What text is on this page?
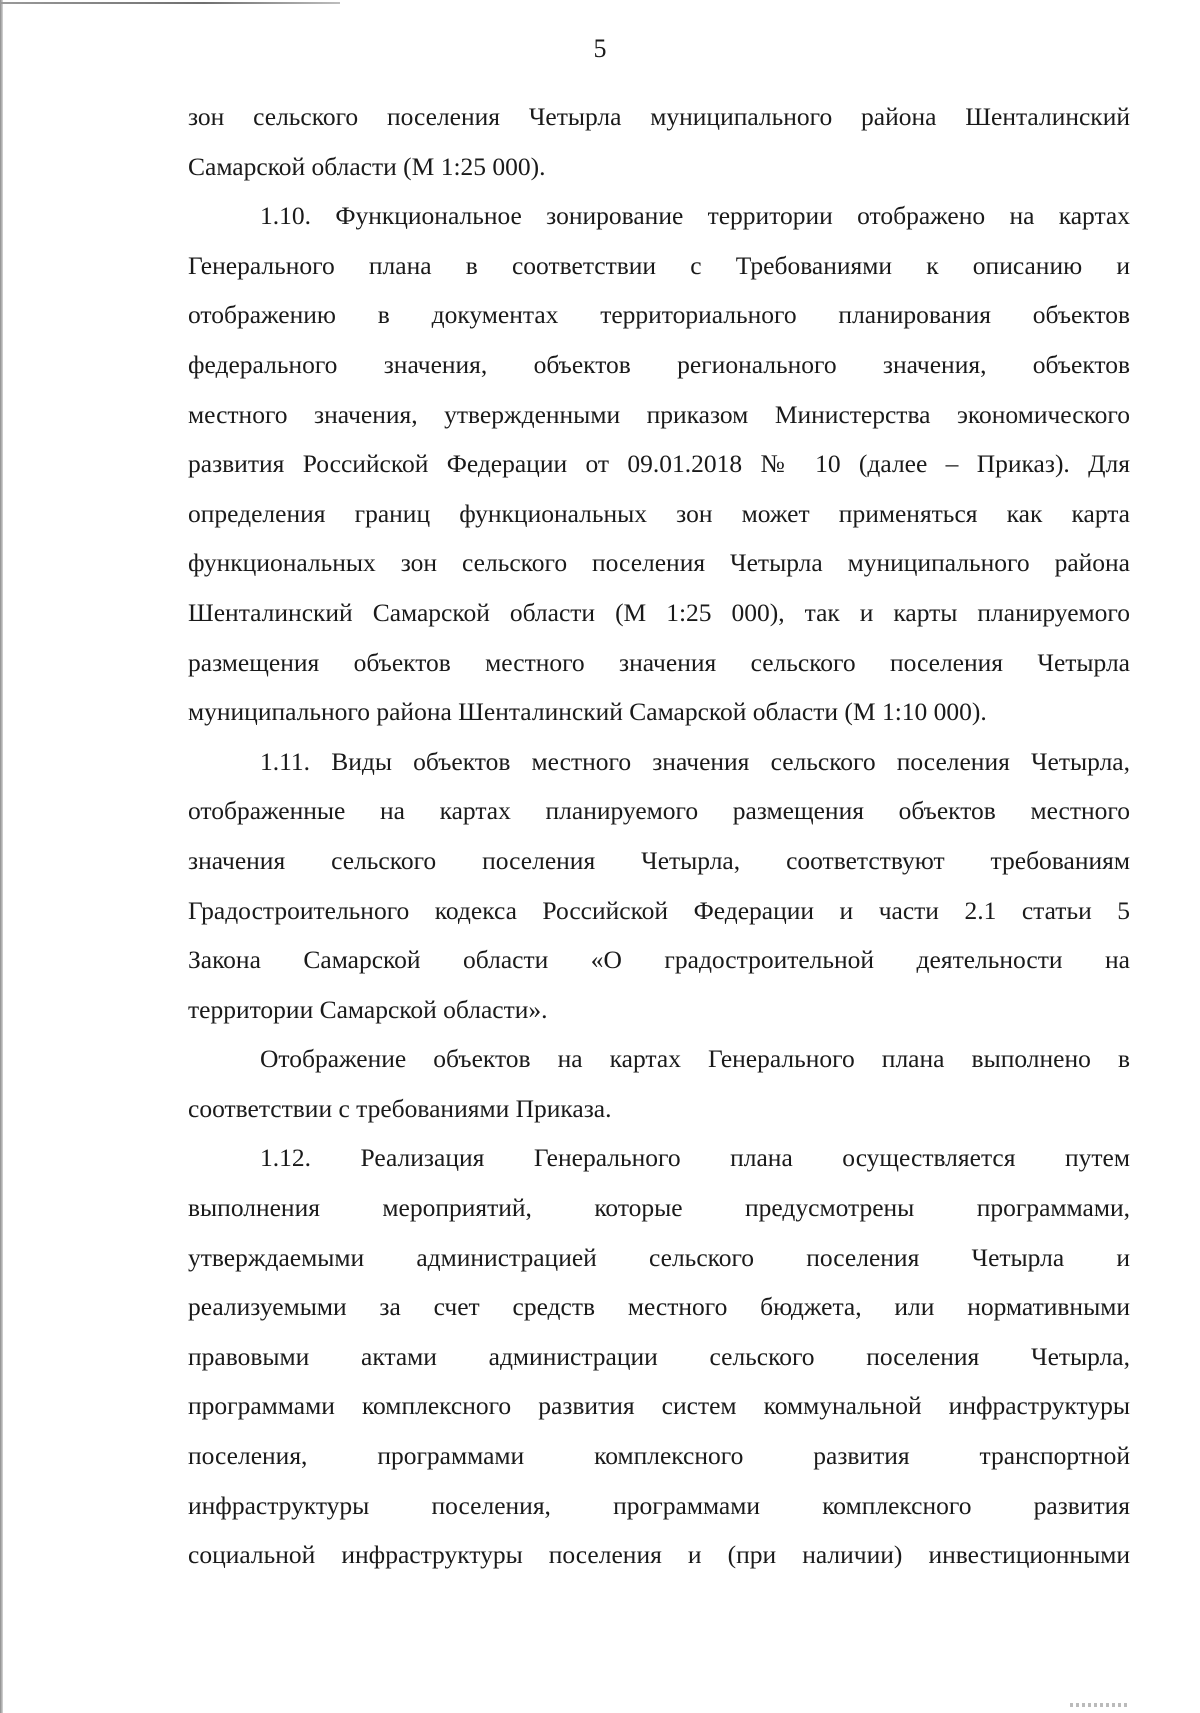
5
зон сельского поселения Четырла муниципального района Шенталинский
Самарской области (М 1:25 000).
1.10. Функциональное зонирование территории отображено на картах
Генерального плана в соответствии с Требованиями к описанию и
отображению в документах территориального планирования объектов
федерального значения, объектов регионального значения, объектов
местного значения, утвержденными приказом Министерства экономического
развития Российской Федерации от 09.01.2018 № 10 (далее – Приказ). Для
определения границ функциональных зон может применяться как карта
функциональных зон сельского поселения Четырла муниципального района
Шенталинский Самарской области (М 1:25 000), так и карты планируемого
размещения объектов местного значения сельского поселения Четырла
муниципального района Шенталинский Самарской области (М 1:10 000).
1.11. Виды объектов местного значения сельского поселения Четырла,
отображенные на картах планируемого размещения объектов местного
значения сельского поселения Четырла, соответствуют требованиям
Градостроительного кодекса Российской Федерации и части 2.1 статьи 5
Закона Самарской области «О градостроительной деятельности на
территории Самарской области».
Отображение объектов на картах Генерального плана выполнено в
соответствии с требованиями Приказа.
1.12. Реализация Генерального плана осуществляется путем
выполнения мероприятий, которые предусмотрены программами,
утверждаемыми администрацией сельского поселения Четырла и
реализуемыми за счет средств местного бюджета, или нормативными
правовыми актами администрации сельского поселения Четырла,
программами комплексного развития систем коммунальной инфраструктуры
поселения, программами комплексного развития транспортной
инфраструктуры поселения, программами комплексного развития
социальной инфраструктуры поселения и (при наличии) инвестиционными
